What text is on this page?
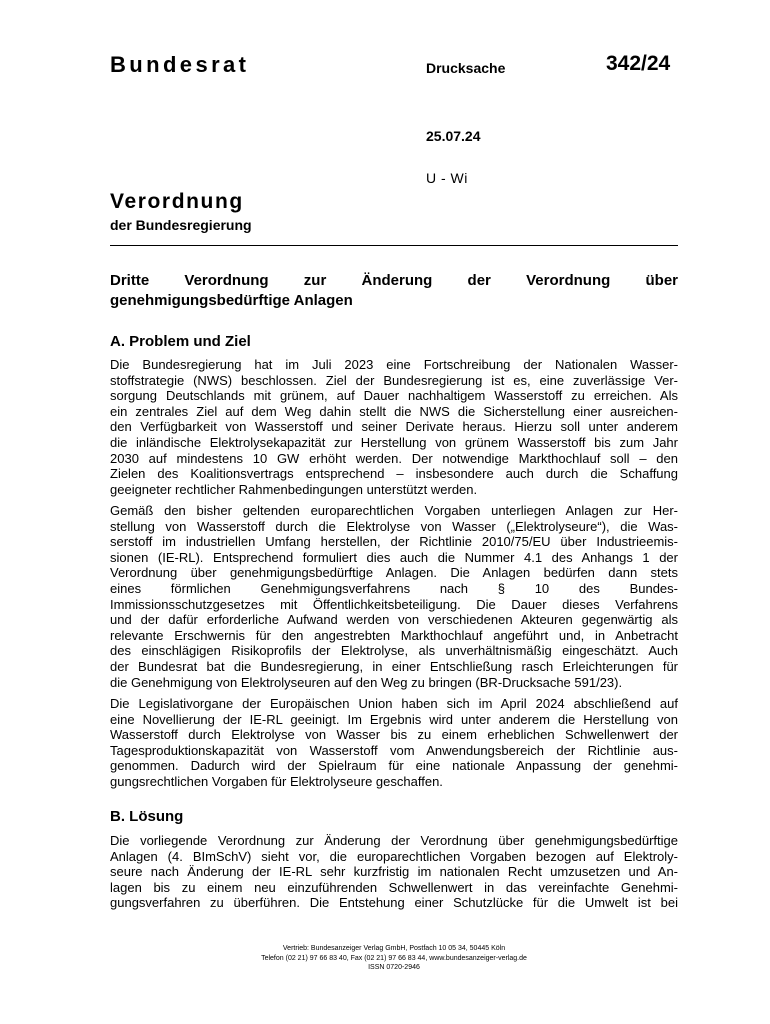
Bundesrat	Drucksache	342/24
25.07.24
U - Wi
Verordnung
der Bundesregierung
Dritte Verordnung zur Änderung der Verordnung über
genehmigungsbedürftige Anlagen
A. Problem und Ziel
Die Bundesregierung hat im Juli 2023 eine Fortschreibung der Nationalen Wasser-
stoffstrategie (NWS) beschlossen. Ziel der Bundesregierung ist es, eine zuverlässige Ver-
sorgung Deutschlands mit grünem, auf Dauer nachhaltigem Wasserstoff zu erreichen. Als
ein zentrales Ziel auf dem Weg dahin stellt die NWS die Sicherstellung einer ausreichen-
den Verfügbarkeit von Wasserstoff und seiner Derivate heraus. Hierzu soll unter anderem
die inländische Elektrolysekapazität zur Herstellung von grünem Wasserstoff bis zum Jahr
2030 auf mindestens 10 GW erhöht werden. Der notwendige Markthochlauf soll – den
Zielen des Koalitionsvertrags entsprechend – insbesondere auch durch die Schaffung
geeigneter rechtlicher Rahmenbedingungen unterstützt werden.
Gemäß den bisher geltenden europarechtlichen Vorgaben unterliegen Anlagen zur Her-
stellung von Wasserstoff durch die Elektrolyse von Wasser („Elektrolyseure“), die Was-
serstoff im industriellen Umfang herstellen, der Richtlinie 2010/75/EU über Industrieemis-
sionen (IE-RL). Entsprechend formuliert dies auch die Nummer 4.1 des Anhangs 1 der
Verordnung über genehmigungsbedürftige Anlagen. Die Anlagen bedürfen dann stets
eines förmlichen Genehmigungsverfahrens nach § 10 des Bundes-
Immissionsschutzgesetzes mit Öffentlichkeitsbeteiligung. Die Dauer dieses Verfahrens
und der dafür erforderliche Aufwand werden von verschiedenen Akteuren gegenwärtig als
relevante Erschwernis für den angestrebten Markthochlauf angeführt und, in Anbetracht
des einschlägigen Risikoprofils der Elektrolyse, als unverhältnismäßig eingeschätzt. Auch
der Bundesrat bat die Bundesregierung, in einer Entschließung rasch Erleichterungen für
die Genehmigung von Elektrolyseuren auf den Weg zu bringen (BR-Drucksache 591/23).
Die Legislativorgane der Europäischen Union haben sich im April 2024 abschließend auf
eine Novellierung der IE-RL geeinigt. Im Ergebnis wird unter anderem die Herstellung von
Wasserstoff durch Elektrolyse von Wasser bis zu einem erheblichen Schwellenwert der
Tagesproduktionskapazität von Wasserstoff vom Anwendungsbereich der Richtlinie aus-
genommen. Dadurch wird der Spielraum für eine nationale Anpassung der genehmi-
gungsrechtlichen Vorgaben für Elektrolyseure geschaffen.
B. Lösung
Die vorliegende Verordnung zur Änderung der Verordnung über genehmigungsbedürftige
Anlagen (4. BImSchV) sieht vor, die europarechtlichen Vorgaben bezogen auf Elektroly-
seure nach Änderung der IE-RL sehr kurzfristig im nationalen Recht umzusetzen und An-
lagen bis zu einem neu einzuführenden Schwellenwert in das vereinfachte Genehmi-
gungsverfahren zu überführen. Die Entstehung einer Schutzlücke für die Umwelt ist bei
Vertrieb: Bundesanzeiger Verlag GmbH, Postfach 10 05 34, 50445 Köln
Telefon (02 21) 97 66 83 40, Fax (02 21) 97 66 83 44, www.bundesanzeiger-verlag.de
ISSN 0720-2946
